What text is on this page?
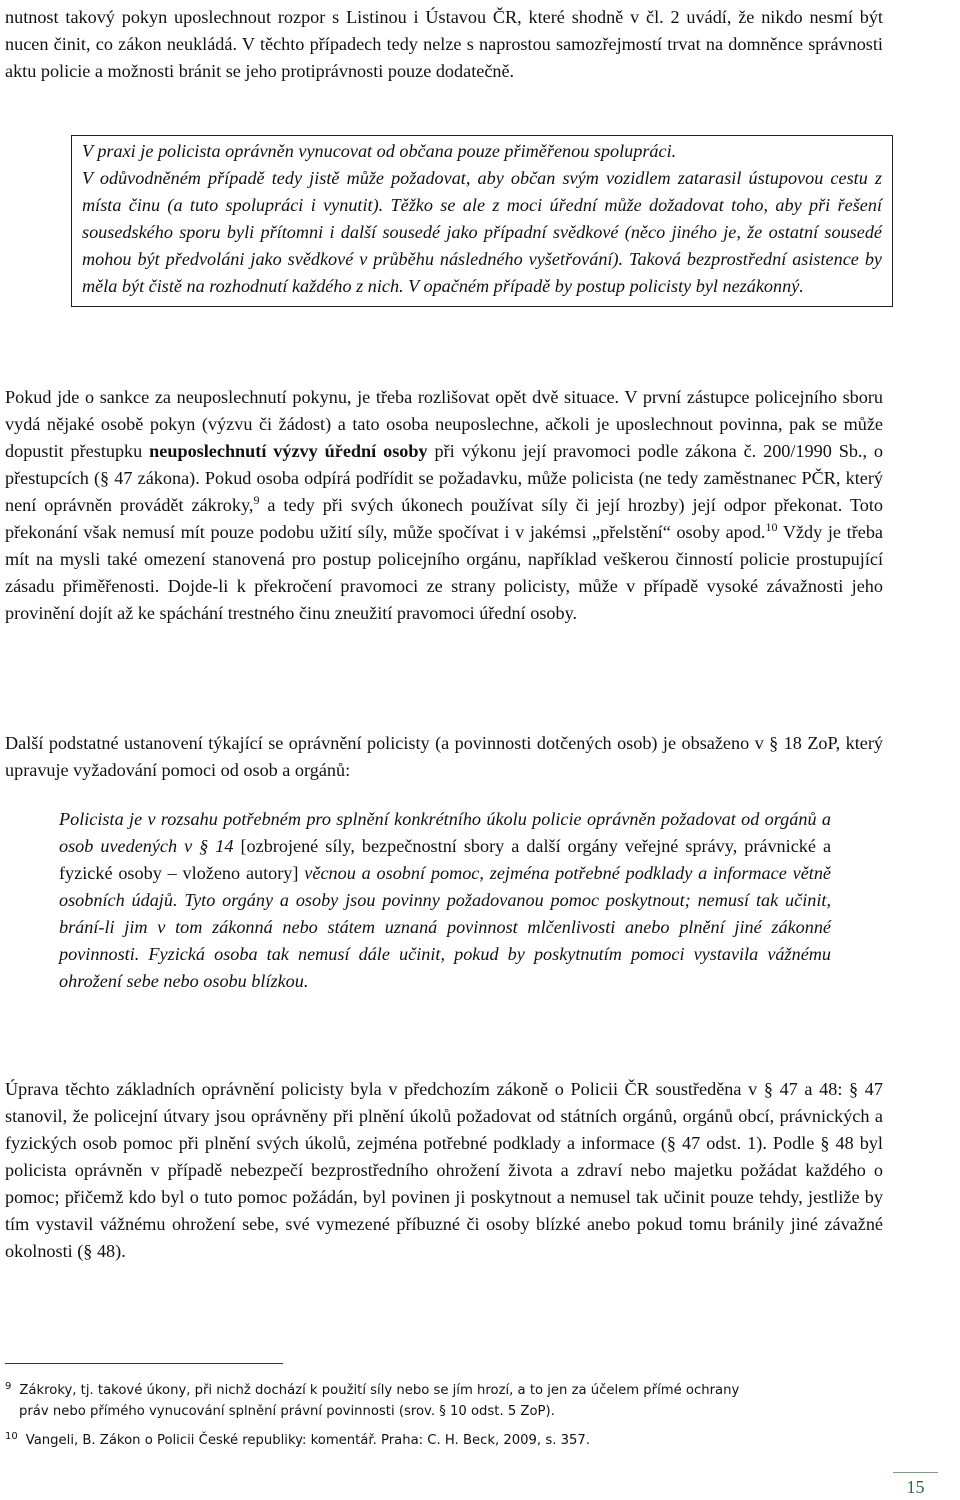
nutnost takový pokyn uposlechnout rozpor s Listinou i Ústavou ČR, které shodně v čl. 2 uvádí, že nikdo nesmí být nucen činit, co zákon neukládá. V těchto případech tedy nelze s naprostou samozřejmostí trvat na domněnce správnosti aktu policie a možnosti bránit se jeho protiprávnosti pouze dodatečně.

V praxi je policista oprávněn vynucovat od občana pouze přiměřenou spolupráci.

V odůvodněném případě tedy jistě může požadovat, aby občan svým vozidlem zatarasil ústupovou cestu z místa činu (a tuto spolupráci i vynutit). Těžko se ale z moci úřední může dožadovat toho, aby při řešení sousedského sporu byli přítomni i další sousedé jako případní svědkové (něco jiného je, že ostatní sousedé mohou být předvoláni jako svědkové v průběhu následného vyšetřování). Taková bezprostřední asistence by měla být čistě na rozhodnutí každého z nich. V opačném případě by postup policisty byl nezákonný.

Pokud jde o sankce za neuposlechnutí pokynu, je třeba rozlišovat opět dvě situace. V první zástupce policejního sboru vydá nějaké osobě pokyn (výzvu či žádost) a tato osoba neuposlechne, ačkoli je uposlechnout povinna, pak se může dopustit přestupku neuposlechnutí výzvy úřední osoby při výkonu její pravomoci podle zákona č. 200/1990 Sb., o přestupcích (§ 47 zákona). Pokud osoba odpírá podřídit se požadavku, může policista (ne tedy zaměstnanec PČR, který není oprávněn provádět zákroky,$^9$ a tedy při svých úkonech používat síly či její hrozby) její odpor překonat. Toto překonání však nemusí mít pouze podobu užití síly, může spočívat i v jakémsi „přelstění“ osoby apod.$^{10}$ Vždy je třeba mít na mysli také omezení stanovená pro postup policejního orgánu, například veškerou činností policie prostupující zásadu přiměřenosti. Dojde-li k překročení pravomoci ze strany policisty, může v případě vysoké závažnosti jeho provinění dojít až ke spáchání trestného činu zneužití pravomoci úřední osoby.

Další podstatné ustanovení týkající se oprávnění policisty (a povinnosti dotčených osob) je obsaženo v § 18 ZoP, který upravuje vyžadování pomoci od osob a orgánů:

Policista je v rozsahu potřebném pro splnění konkrétního úkolu policie oprávněn požadovat od orgánů a osob uvedených v § 14 [ozbrojené síly, bezpečnostní sbory a další orgány veřejné správy, právnické a fyzické osoby – vloženo autory] věcnou a osobní pomoc, zejména potřebné podklady a informace větně osobních údajů. Tyto orgány a osoby jsou povinny požadovanou pomoc poskytnout; nemusí tak učinit, brání-li jim v tom zákonná nebo státem uznaná povinnost mlčenlivosti anebo plnění jiné zákonné povinnosti. Fyzická osoba tak nemusí dále učinit, pokud by poskytnutím pomoci vystavila vážnému ohrožení sebe nebo osobu blízkou.

Úprava těchto základních oprávnění policisty byla v předchozím zákoně o Policii ČR soustředěna v § 47 a 48: § 47 stanovil, že policejní útvary jsou oprávněny při plnění úkolů požadovat od státních orgánů, orgánů obcí, právnických a fyzických osob pomoc při plnění svých úkolů, zejména potřebné podklady a informace (§ 47 odst. 1). Podle § 48 byl policista oprávněn v případě nebezpečí bezprostředního ohrožení života a zdraví nebo majetku požádat každého o pomoc; přičemž kdo byl o tuto pomoc požádán, byl povinen ji poskytnout a nemusel tak učinit pouze tehdy, jestliže by tím vystavil vážnému ohrožení sebe, své vymezené příbuzné či osoby blízké anebo pokud tomu bránily jiné závažné okolnosti (§ 48).

$^9$ Zákroky, tj. takové úkony, při nichž dochází k použití síly nebo se jím hrozí, a to jen za účelem přímé ochrany
práv nebo přímého vynucování splnění právní povinnosti (srov. § 10 odst. 5 ZoP).
$^{10}$ Vangeli, B. Zákon o Policii České republiky: komentář. Praha: C. H. Beck, 2009, s. 357.
15
